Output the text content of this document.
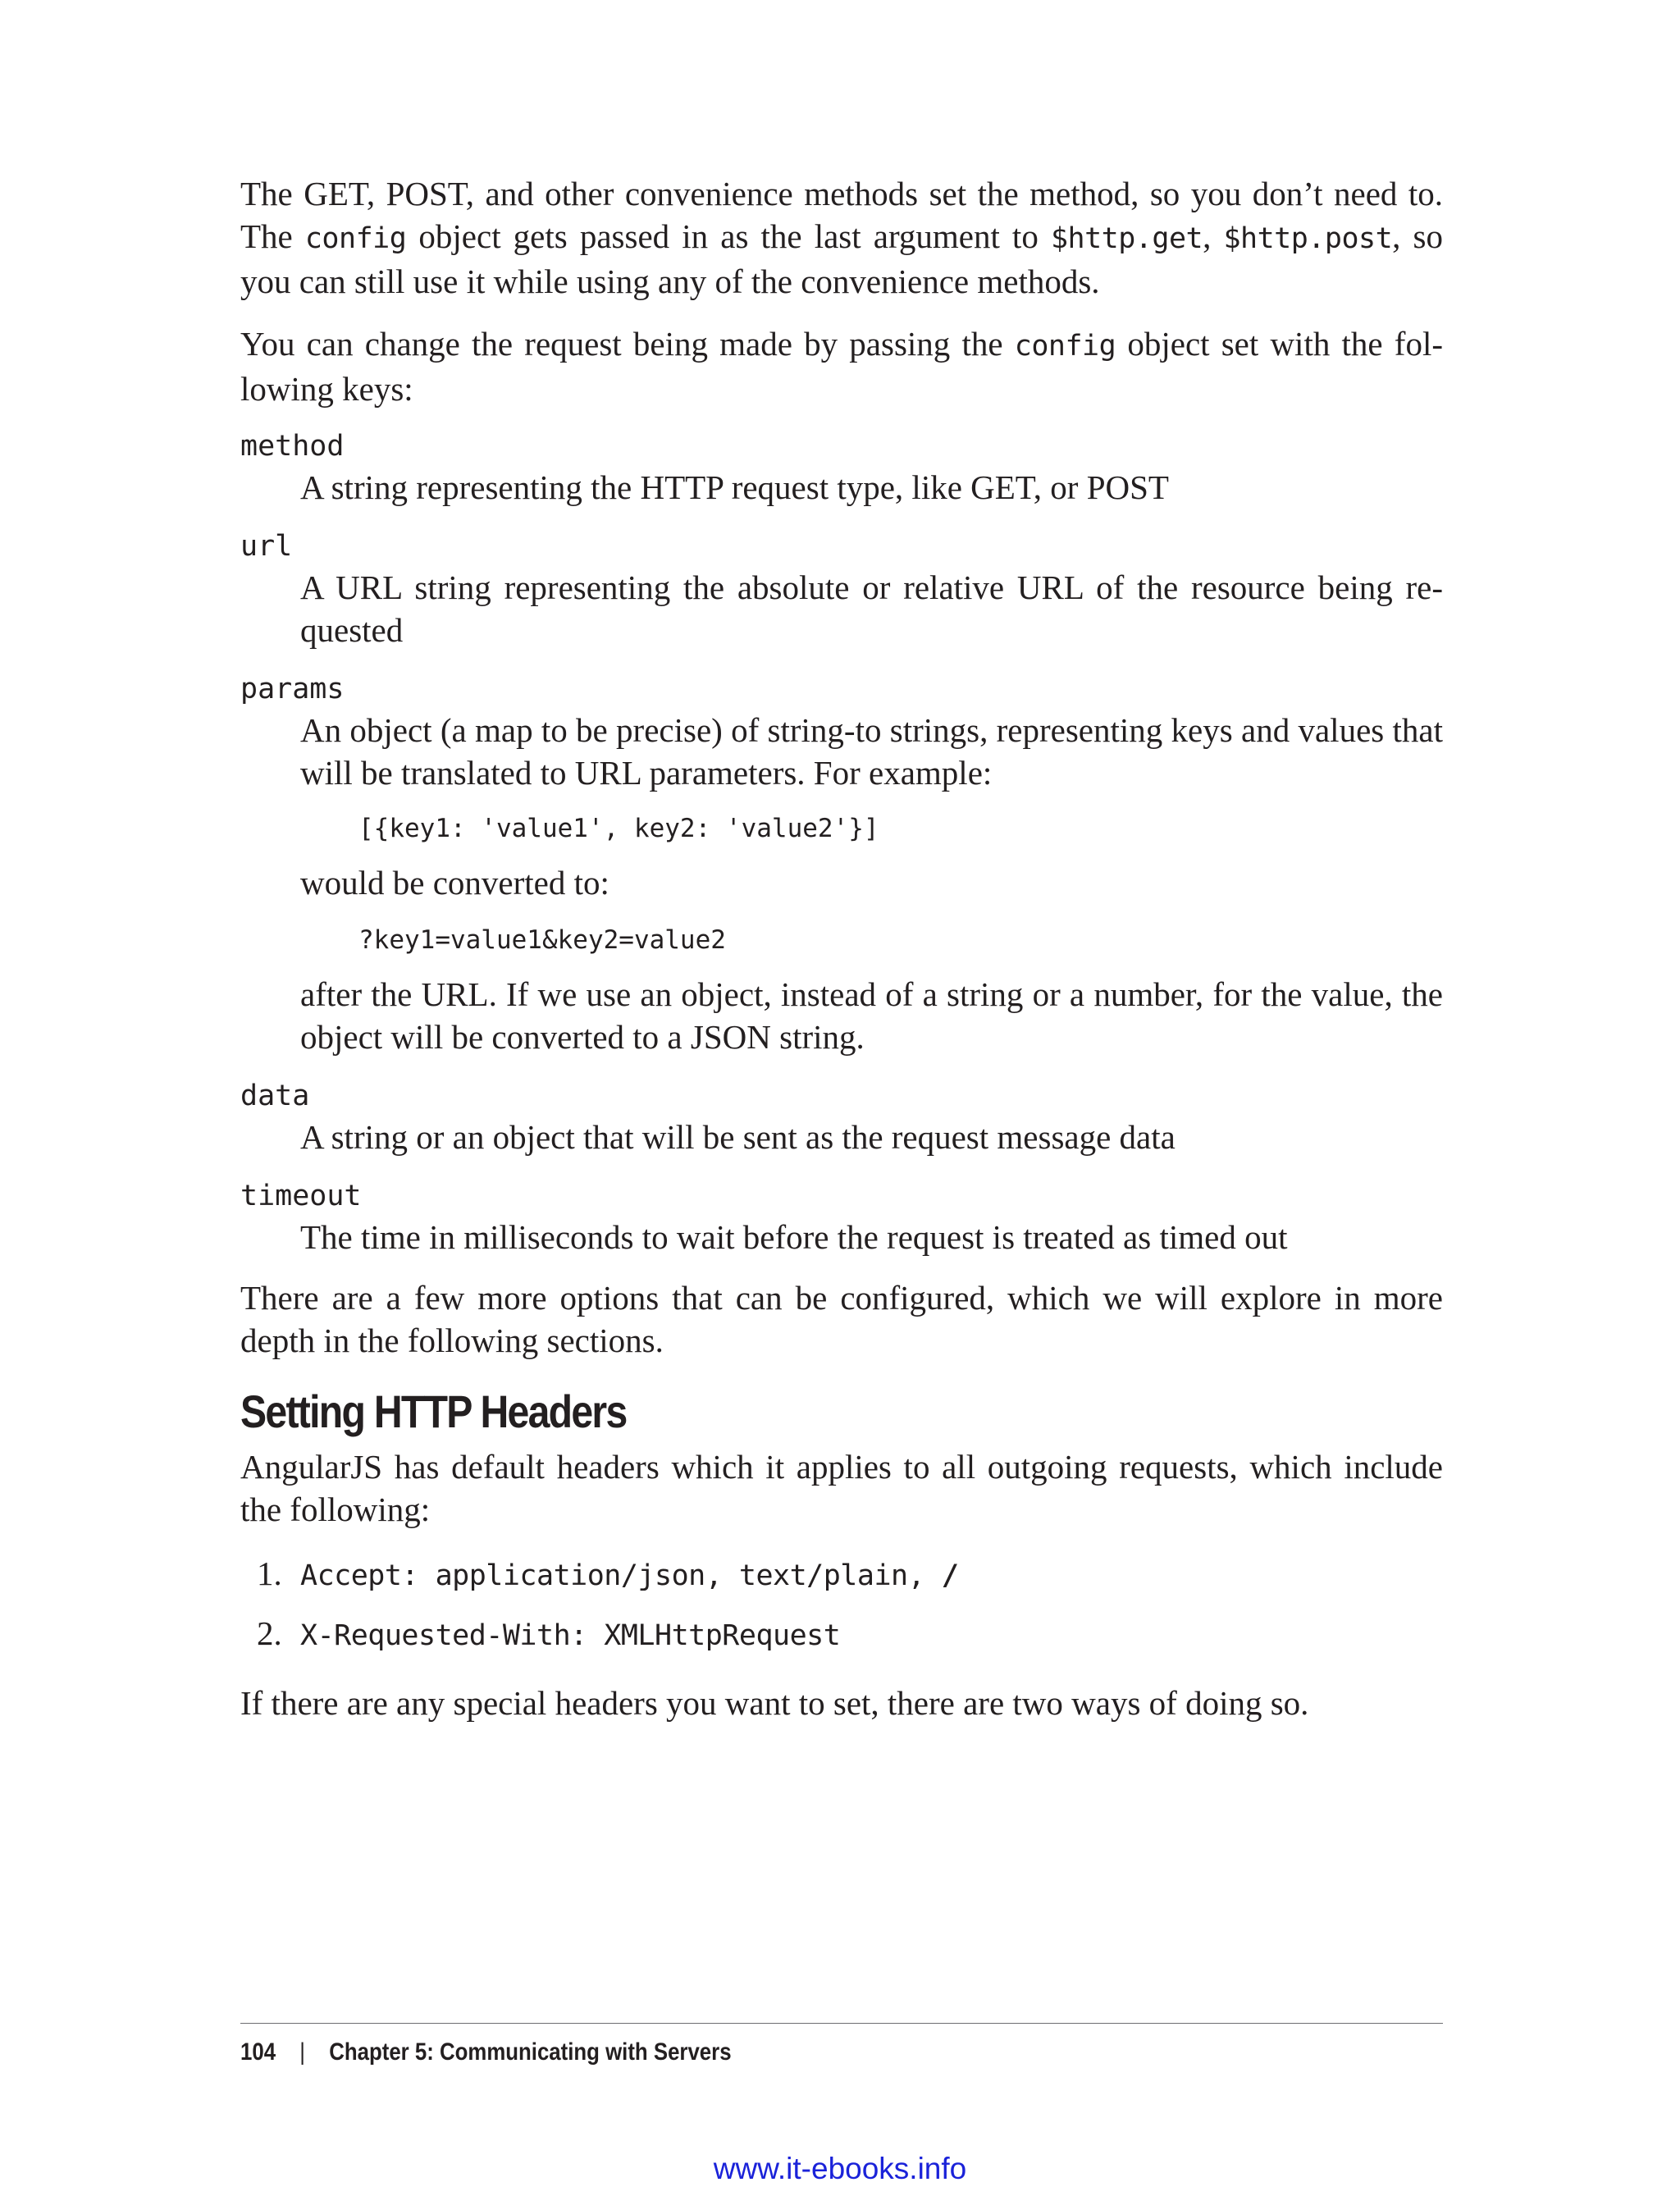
The GET, POST, and other convenience methods set the method, so you don’t need to. The config object gets passed in as the last argument to $http.get, $http.post, so you can still use it while using any of the convenience methods.

You can change the request being made by passing the config object set with the fol‐ lowing keys:

method

A string representing the HTTP request type, like GET, or POST

url

A URL string representing the absolute or relative URL of the resource being re‐ quested

params

An object (a map to be precise) of string-to strings, representing keys and values that will be translated to URL parameters. For example:

[{key1: 'value1', key2: 'value2'}]

would be converted to:

?key1=value1&key2=value2

after the URL. If we use an object, instead of a string or a number, for the value, the object will be converted to a JSON string.

data

A string or an object that will be sent as the request message data

timeout

The time in milliseconds to wait before the request is treated as timed out

There are a few more options that can be configured, which we will explore in more depth in the following sections.

Setting HTTP Headers

AngularJS has default headers which it applies to all outgoing requests, which include the following:

1. Accept: application/json, text/plain, /
2. X-Requested-With: XMLHttpRequest

If there are any special headers you want to set, there are two ways of doing so.

104 | Chapter 5: Communicating with Servers
www.it-ebooks.info
